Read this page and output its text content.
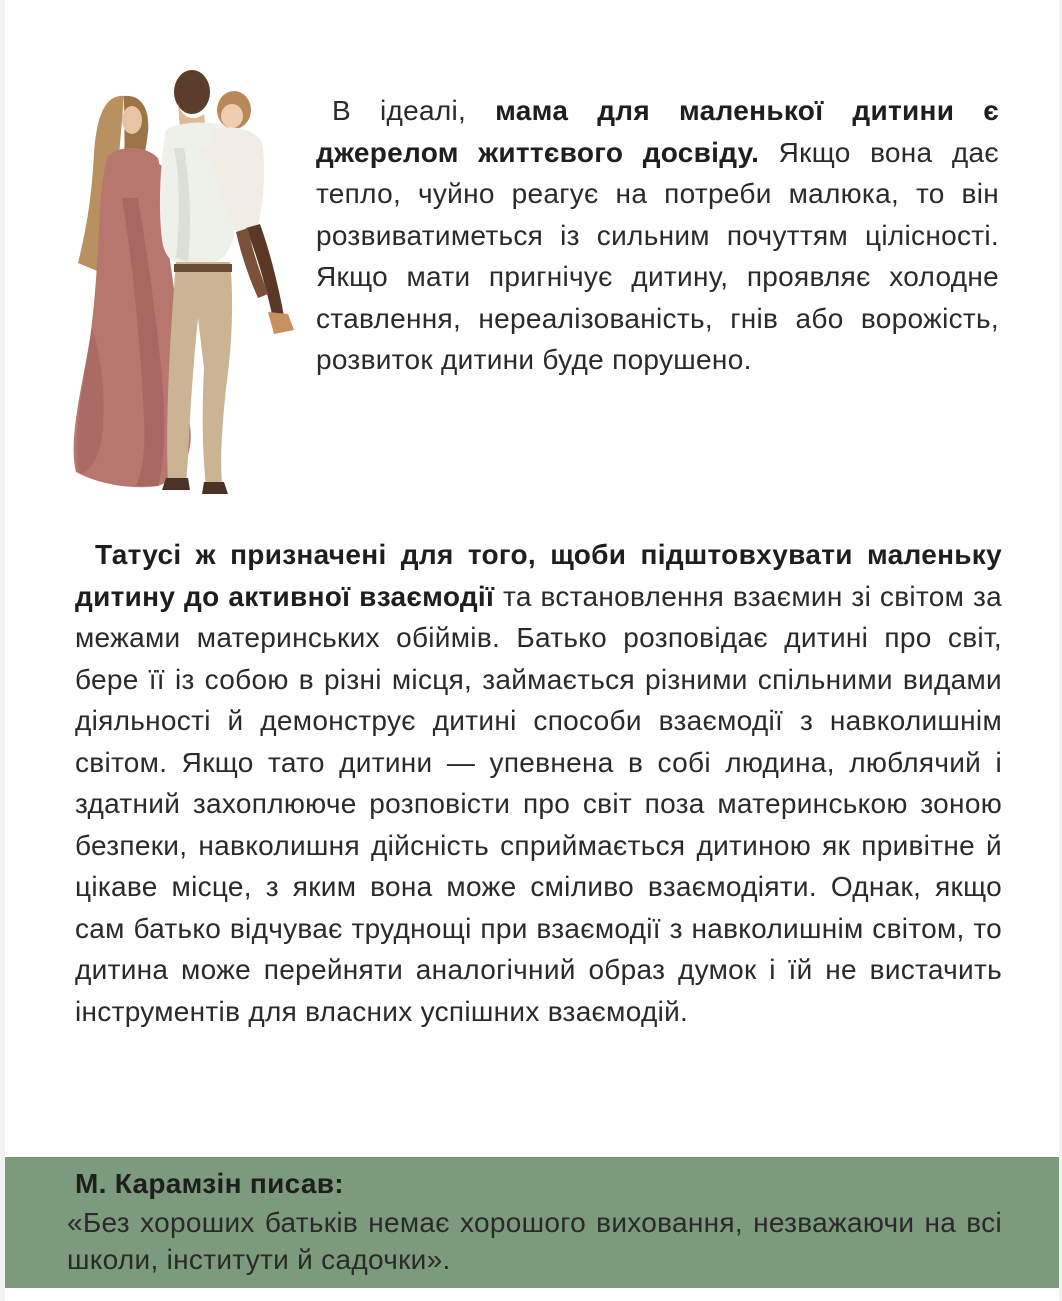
В ідеалі, мама для маленької дитини є джерелом життєвого досвіду. Якщо вона дає тепло, чуйно реагує на потреби малюка, то він розвиватиметься із сильним почуттям цілісності. Якщо мати пригнічує дитину, проявляє холодне ставлення, нереалізованість, гнів або ворожість, розвиток дитини буде порушено.

Татусі ж призначені для того, щоби підштовхувати маленьку дитину до активної взаємодії та встановлення взаємин зі світом за межами материнських обіймів. Батько розповідає дитині про світ, бере її із собою в різні місця, займається різними спільними видами діяльності й демонструє дитині способи взаємодії з навколишнім світом. Якщо тато дитини — упевнена в собі людина, люблячий і здатний захоплююче розповісти про світ поза материнською зоною безпеки, навколишня дійсність сприймається дитиною як привітне й цікаве місце, з яким вона може сміливо взаємодіяти. Однак, якщо сам батько відчуває труднощі при взаємодії з навколишнім світом, то дитина може перейняти аналогічний образ думок і їй не вистачить інструментів для власних успішних взаємодій.

М. Карамзін писав:

«Без хороших батьків немає хорошого виховання, незважаючи на всі школи, інститути й садочки».
